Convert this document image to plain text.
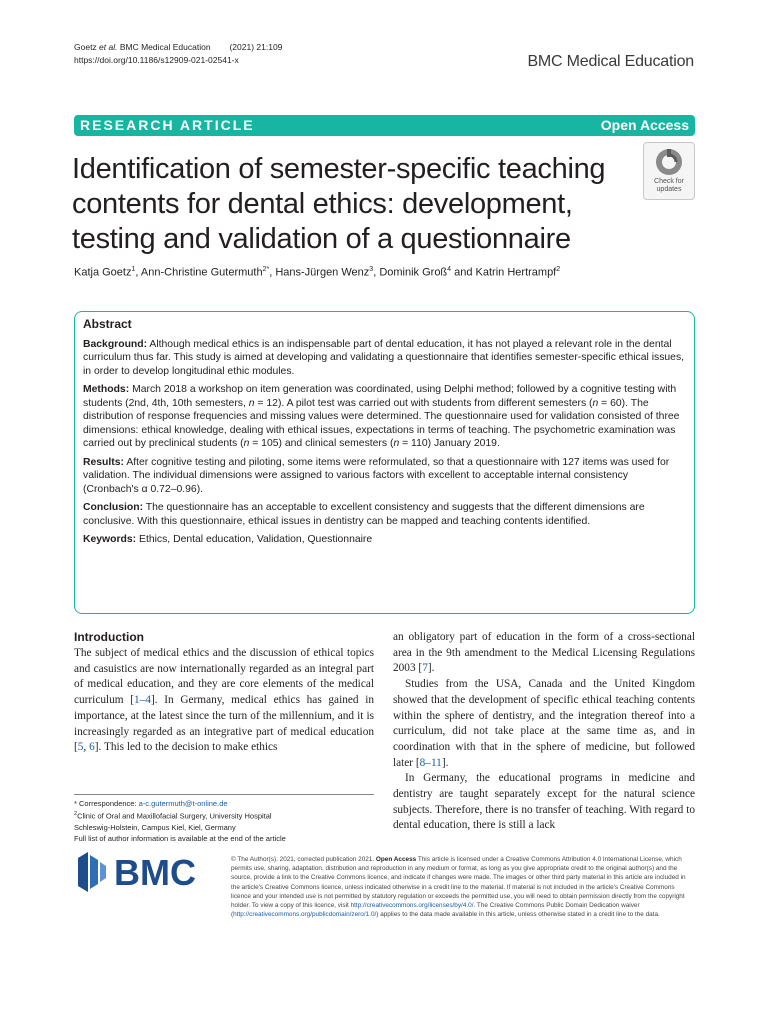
Goetz et al. BMC Medical Education (2021) 21:109
https://doi.org/10.1186/s12909-021-02541-x	BMC Medical Education
RESEARCH ARTICLE	Open Access
Identification of semester-specific teaching contents for dental ethics: development, testing and validation of a questionnaire
Check for
updates
Katja Goetz$^1$, Ann-Christine Gutermuth$^{2*}$, Hans-Jürgen Wenz$^3$, Dominik Groß$^4$ and Katrin Hertrampf$^2$
Abstract

Background: Although medical ethics is an indispensable part of dental education, it has not played a relevant role in the dental curriculum thus far. This study is aimed at developing and validating a questionnaire that identifies semester-specific ethical issues, in order to develop longitudinal ethic modules.

Methods: March 2018 a workshop on item generation was coordinated, using Delphi method; followed by a cognitive testing with students (2nd, 4th, 10th semesters, n = 12). A pilot test was carried out with students from different semesters (n = 60). The distribution of response frequencies and missing values were determined. The questionnaire used for validation consisted of three dimensions: ethical knowledge, dealing with ethical issues, expectations in terms of teaching. The psychometric examination was carried out by preclinical students (n = 105) and clinical semesters (n = 110) January 2019.

Results: After cognitive testing and piloting, some items were reformulated, so that a questionnaire with 127 items was used for validation. The individual dimensions were assigned to various factors with excellent to acceptable internal consistency (Cronbach's α 0.72–0.96).

Conclusion: The questionnaire has an acceptable to excellent consistency and suggests that the different dimensions are conclusive. With this questionnaire, ethical issues in dentistry can be mapped and teaching contents identified.

Keywords: Ethics, Dental education, Validation, Questionnaire

Introduction

The subject of medical ethics and the discussion of ethical topics and casuistics are now internationally regarded as an integral part of medical education, and they are core elements of the medical curriculum [1–4]. In Germany, medical ethics has gained in importance, at the latest since the turn of the millennium, and it is increasingly regarded as an integrative part of medical education [5, 6]. This led to the decision to make ethics

an obligatory part of education in the form of a cross-sectional area in the 9th amendment to the Medical Licensing Regulations 2003 [7].

Studies from the USA, Canada and the United Kingdom showed that the development of specific ethical teaching contents within the sphere of dentistry, and the integration thereof into a curriculum, did not take place at the same time as, and in coordination with that in the sphere of medicine, but followed later [8–11].

In Germany, the educational programs in medicine and dentistry are taught separately except for the natural science subjects. Therefore, there is no transfer of teaching. With regard to dental education, there is still a lack

* Correspondence: a-c.gutermuth@t-online.de
$^2$Clinic of Oral and Maxillofacial Surgery, University Hospital
Schleswig-Holstein, Campus Kiel, Kiel, Germany
Full list of author information is available at the end of the article
BMC	© The Author(s). 2021, corrected publication 2021. Open Access This article is licensed under a Creative Commons Attribution 4.0 International License, which permits use, sharing, adaptation, distribution and reproduction in any medium or format, as long as you give appropriate credit to the original author(s) and the source, provide a link to the Creative Commons licence, and indicate if changes were made. The images or other third party material in this article are included in the article's Creative Commons licence, unless indicated otherwise in a credit line to the material. If material is not included in the article's Creative Commons licence and your intended use is not permitted by statutory regulation or exceeds the permitted use, you will need to obtain permission directly from the copyright holder. To view a copy of this licence, visit http://creativecommons.org/licenses/by/4.0/. The Creative Commons Public Domain Dedication waiver (http://creativecommons.org/publicdomain/zero/1.0/) applies to the data made available in this article, unless otherwise stated in a credit line to the data.
